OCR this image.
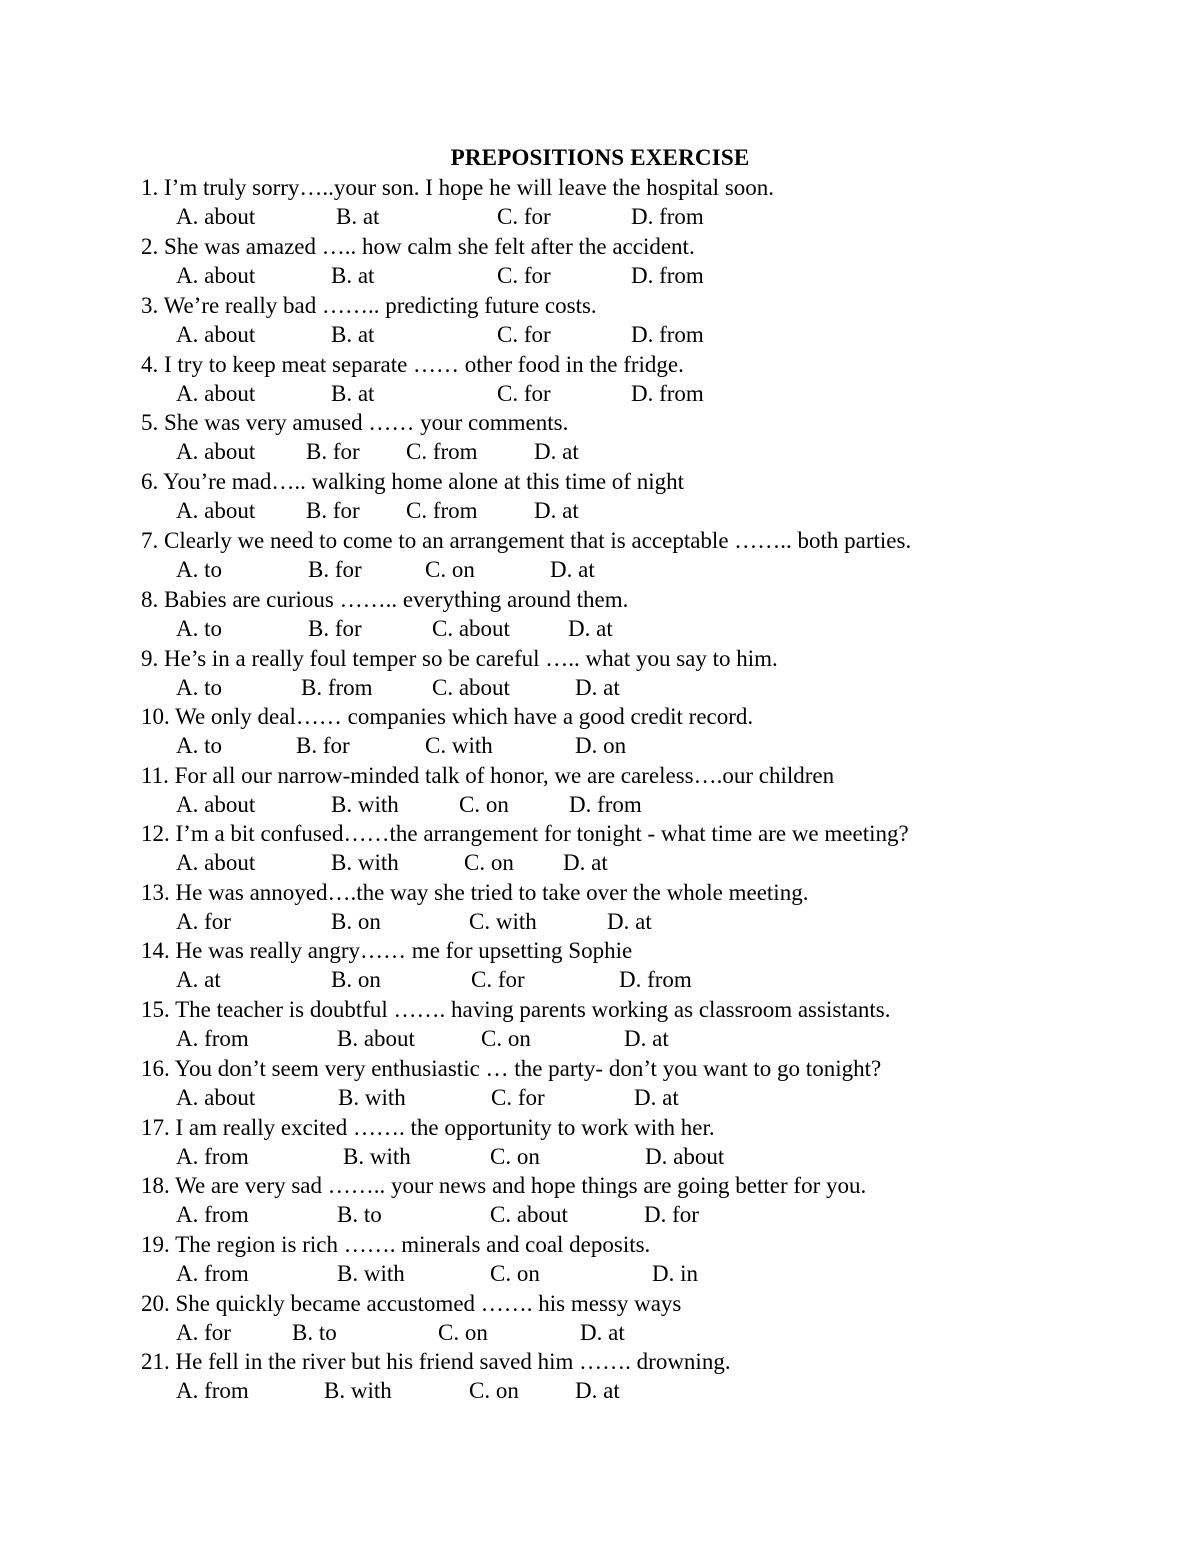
PREPOSITIONS EXERCISE
1. I’m truly sorry…..your son. I hope he will leave the hospital soon.
A. about	B. at	C. for	D. from
2. She was amazed ….. how calm she felt after the accident.
A. about	B. at	C. for	D. from
3. We’re really bad …….. predicting future costs.
A. about	B. at	C. for	D. from
4. I try to keep meat separate …… other food in the fridge.
A. about	B. at	C. for	D. from
5. She was very amused …… your comments.
A. about B. for C. from D. at
6. You’re mad….. walking home alone at this time of night
A. about B. for C. from D. at
7. Clearly we need to come to an arrangement that is acceptable …….. both parties.
A. to	B. for	C. on	D. at
8. Babies are curious …….. everything around them.
A. to	B. for	C. about	D. at
9. He’s in a really foul temper so be careful ….. what you say to him.
A. to	B. from	C. about	D. at
10. We only deal…… companies which have a good credit record.
A. to	B. for	C. with	D. on
11. For all our narrow-minded talk of honor, we are careless….our children
A. about	B. with	C. on	D. from
12. I’m a bit confused……the arrangement for tonight - what time are we meeting?
A. about	B. with	C. on D. at
13. He was annoyed….the way she tried to take over the whole meeting.
A. for	B. on	C. with	D. at
14. He was really angry…… me for upsetting Sophie
A. at	B. on	C. for	D. from
15. The teacher is doubtful ……. having parents working as classroom assistants.
A. from	B. about	C. on	D. at
16. You don’t seem very enthusiastic … the party- don’t you want to go tonight?
A. about	B. with	C. for	D. at
17. I am really excited ……. the opportunity to work with her.
A. from	B. with	C. on	D. about
18. We are very sad …….. your news and hope things are going better for you.
A. from	B. to	C. about	D. for
19. The region is rich ……. minerals and coal deposits.
A. from	B. with	C. on	D. in
20. She quickly became accustomed ……. his messy ways
A. for	B. to	C. on	D. at
21. He fell in the river but his friend saved him ……. drowning.
A. from	B. with	C. on D. at
